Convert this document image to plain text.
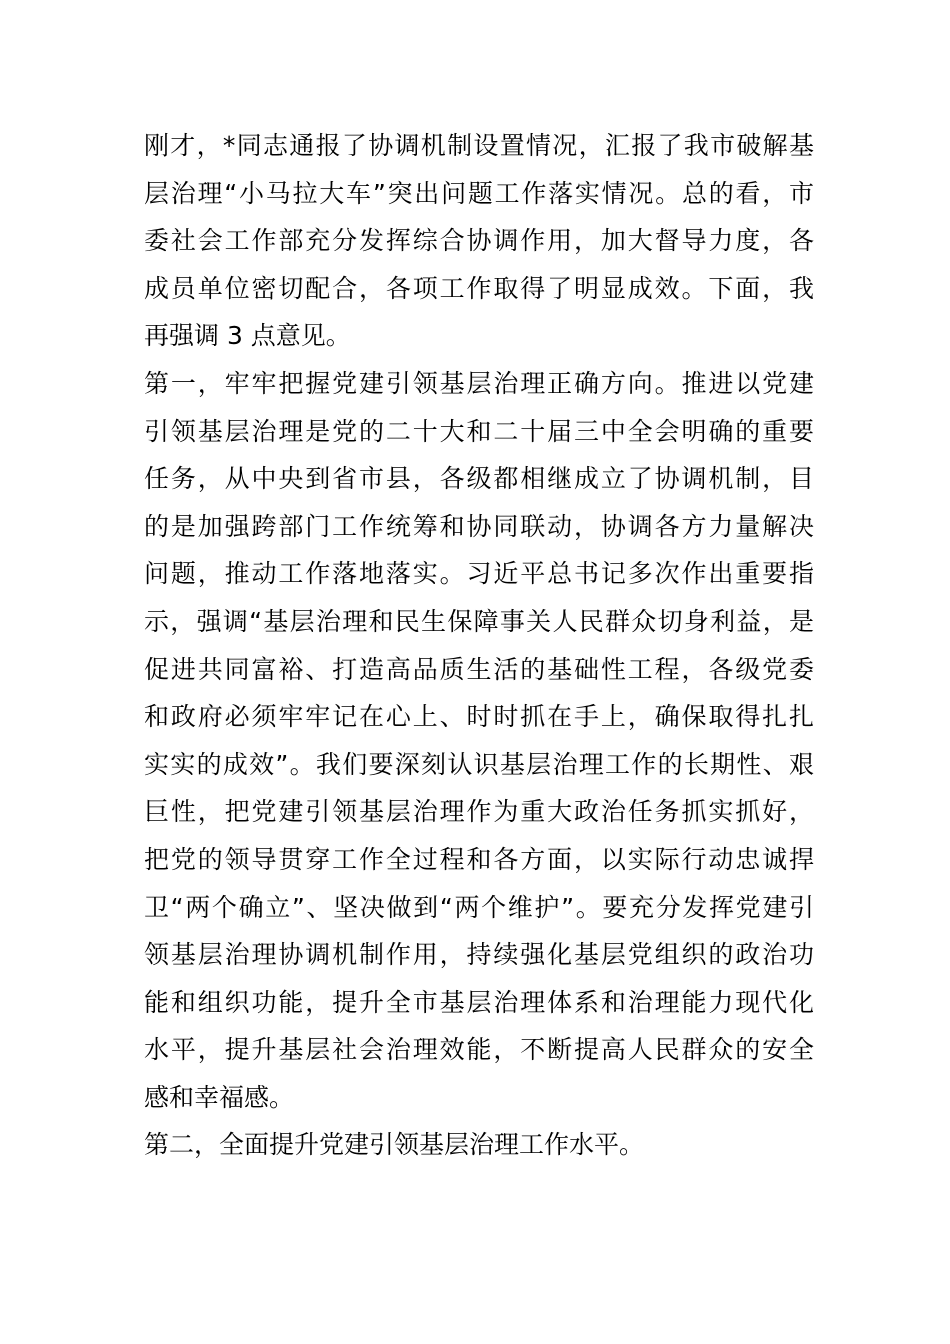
刚才，*同志通报了协调机制设置情况，汇报了我市破解基
层治理“小马拉大车”突出问题工作落实情况。总的看，市
委社会工作部充分发挥综合协调作用，加大督导力度，各
成员单位密切配合，各项工作取得了明显成效。下面，我
再强调 3 点意见。
第一，牢牢把握党建引领基层治理正确方向。推进以党建
引领基层治理是党的二十大和二十届三中全会明确的重要
任务，从中央到省市县，各级都相继成立了协调机制，目
的是加强跨部门工作统筹和协同联动，协调各方力量解决
问题，推动工作落地落实。习近平总书记多次作出重要指
示，强调“基层治理和民生保障事关人民群众切身利益，是
促进共同富裕、打造高品质生活的基础性工程，各级党委
和政府必须牢牢记在心上、时时抓在手上，确保取得扎扎
实实的成效”。我们要深刻认识基层治理工作的长期性、艰
巨性，把党建引领基层治理作为重大政治任务抓实抓好，
把党的领导贯穿工作全过程和各方面，以实际行动忠诚捍
卫“两个确立”、坚决做到“两个维护”。要充分发挥党建引
领基层治理协调机制作用，持续强化基层党组织的政治功
能和组织功能，提升全市基层治理体系和治理能力现代化
水平，提升基层社会治理效能，不断提高人民群众的安全
感和幸福感。
第二，全面提升党建引领基层治理工作水平。
